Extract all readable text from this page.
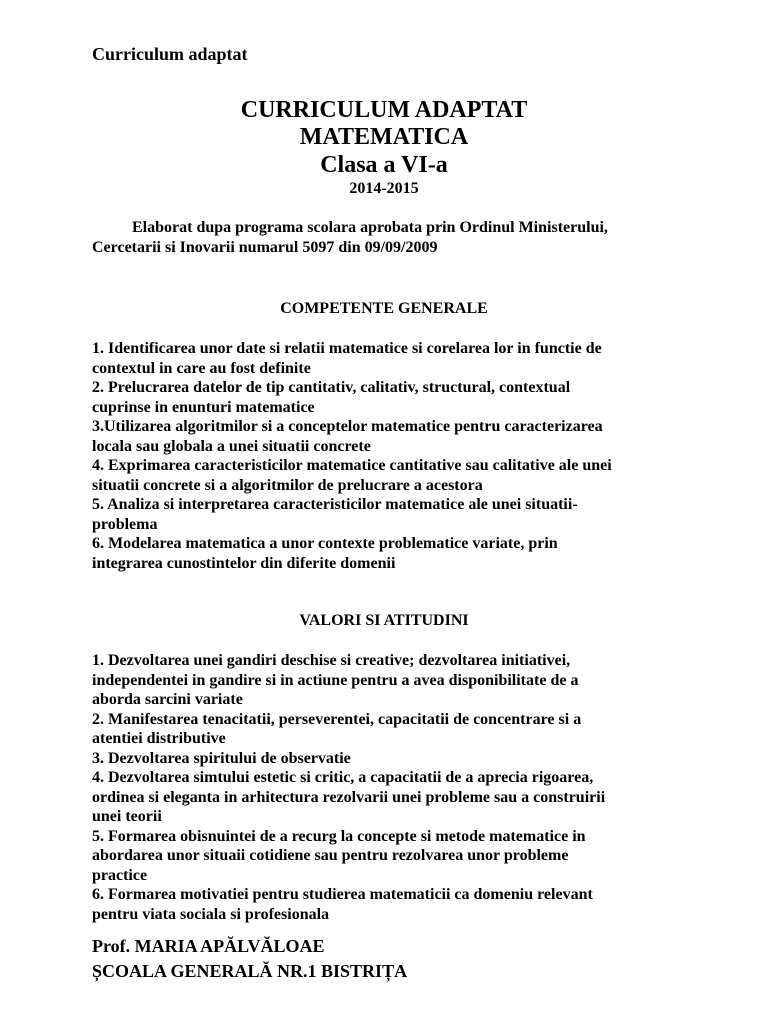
Curriculum adaptat
CURRICULUM ADAPTAT
MATEMATICA
Clasa a VI-a
2014-2015
Elaborat dupa programa scolara aprobata prin Ordinul Ministerului,
Cercetarii si Inovarii numarul 5097 din 09/09/2009
COMPETENTE GENERALE
1. Identificarea unor date si relatii matematice si corelarea lor in functie de
contextul in care au fost definite
2. Prelucrarea datelor de tip cantitativ, calitativ, structural, contextual
cuprinse in enunturi matematice
3.Utilizarea algoritmilor si a conceptelor matematice pentru caracterizarea
locala sau globala a unei situatii concrete
4. Exprimarea caracteristicilor matematice cantitative sau calitative ale unei
situatii concrete si a algoritmilor de prelucrare a acestora
5. Analiza si interpretarea caracteristicilor matematice ale unei situatii-
problema
6. Modelarea matematica a unor contexte problematice variate, prin
integrarea cunostintelor din diferite domenii
VALORI SI ATITUDINI
1. Dezvoltarea unei gandiri deschise si creative; dezvoltarea initiativei,
independentei in gandire si in actiune pentru a avea disponibilitate de a
aborda sarcini variate
2. Manifestarea tenacitatii, perseverentei, capacitatii de concentrare si a
atentiei distributive
3. Dezvoltarea spiritului de observatie
4. Dezvoltarea simtului estetic si critic, a capacitatii de a aprecia rigoarea,
ordinea si eleganta in arhitectura rezolvarii unei probleme sau a construirii
unei teorii
5. Formarea obisnuintei de a recurg la concepte si metode matematice in
abordarea unor situaii cotidiene sau pentru rezolvarea unor probleme
practice
6. Formarea motivatiei pentru studierea matematicii ca domeniu relevant
pentru viata sociala si profesionala
Prof. MARIA APĂLVĂLOAE
ȘCOALA GENERALĂ NR.1 BISTRIȚA
